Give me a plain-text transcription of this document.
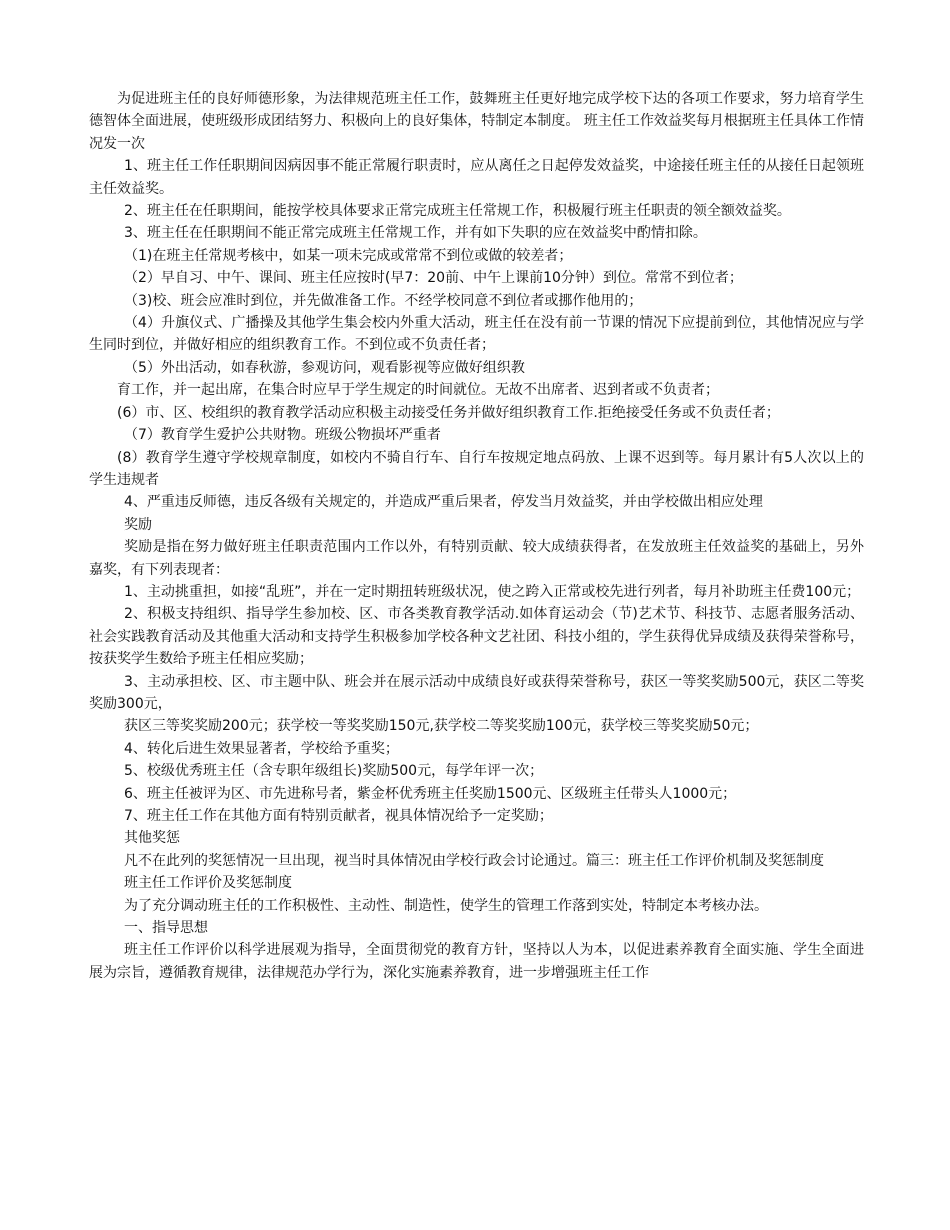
为促进班主任的良好师德形象，为法律规范班主任工作，鼓舞班主任更好地完成学校下达的各项工作要求，努力培育学生德智体全面进展，使班级形成团结努力、积极向上的良好集体，特制定本制度。 班主任工作效益奖每月根据班主任具体工作情况发一次

1、班主任工作任职期间因病因事不能正常履行职责时，应从离任之日起停发效益奖，中途接任班主任的从接任日起领班主任效益奖。

2、班主任在任职期间，能按学校具体要求正常完成班主任常规工作，积极履行班主任职责的领全额效益奖。

3、班主任在任职期间不能正常完成班主任常规工作，并有如下失职的应在效益奖中酌情扣除。

（1)在班主任常规考核中，如某一项未完成或常常不到位或做的较差者；

（2）早自习、中午、课间、班主任应按时(早7：20前、中午上课前10分钟）到位。常常不到位者；

（3)校、班会应准时到位，并先做准备工作。不经学校同意不到位者或挪作他用的；

（4）升旗仪式、广播操及其他学生集会校内外重大活动，班主任在没有前一节课的情况下应提前到位，其他情况应与学生同时到位，并做好相应的组织教育工作。不到位或不负责任者；

（5）外出活动，如春秋游，参观访问，观看影视等应做好组织教

育工作，并一起出席，在集合时应早于学生规定的时间就位。无故不出席者、迟到者或不负责者；

(6）市、区、校组织的教育教学活动应积极主动接受任务并做好组织教育工作.拒绝接受任务或不负责任者；

（7）教育学生爱护公共财物。班级公物损坏严重者

(8）教育学生遵守学校规章制度，如校内不骑自行车、自行车按规定地点码放、上课不迟到等。每月累计有5人次以上的学生违规者

4、严重违反师德，违反各级有关规定的，并造成严重后果者，停发当月效益奖，并由学校做出相应处理

奖励

奖励是指在努力做好班主任职责范围内工作以外，有特别贡献、较大成绩获得者，在发放班主任效益奖的基础上，另外嘉奖，有下列表现者：

1、主动挑重担，如接“乱班”，并在一定时期扭转班级状况，使之跨入正常或校先进行列者，每月补助班主任费100元；

2、积极支持组织、指导学生参加校、区、市各类教育教学活动.如体育运动会（节)艺术节、科技节、志愿者服务活动、社会实践教育活动及其他重大活动和支持学生积极参加学校各种文艺社团、科技小组的，学生获得优异成绩及获得荣誉称号，按获奖学生数给予班主任相应奖励；

3、主动承担校、区、市主题中队、班会并在展示活动中成绩良好或获得荣誉称号，获区一等奖奖励500元，获区二等奖奖励300元，

获区三等奖奖励200元；获学校一等奖奖励150元,获学校二等奖奖励100元，获学校三等奖奖励50元；

4、转化后进生效果显著者，学校给予重奖；

5、校级优秀班主任（含专职年级组长)奖励500元，每学年评一次；

6、班主任被评为区、市先进称号者，紫金杯优秀班主任奖励1500元、区级班主任带头人1000元；

7、班主任工作在其他方面有特别贡献者，视具体情况给予一定奖励；

其他奖惩

凡不在此列的奖惩情况一旦出现，视当时具体情况由学校行政会讨论通过。篇三：班主任工作评价机制及奖惩制度

班主任工作评价及奖惩制度

为了充分调动班主任的工作积极性、主动性、制造性，使学生的管理工作落到实处，特制定本考核办法。

一、指导思想

班主任工作评价以科学进展观为指导，全面贯彻党的教育方针，坚持以人为本，以促进素养教育全面实施、学生全面进展为宗旨，遵循教育规律，法律规范办学行为，深化实施素养教育，进一步增强班主任工作
